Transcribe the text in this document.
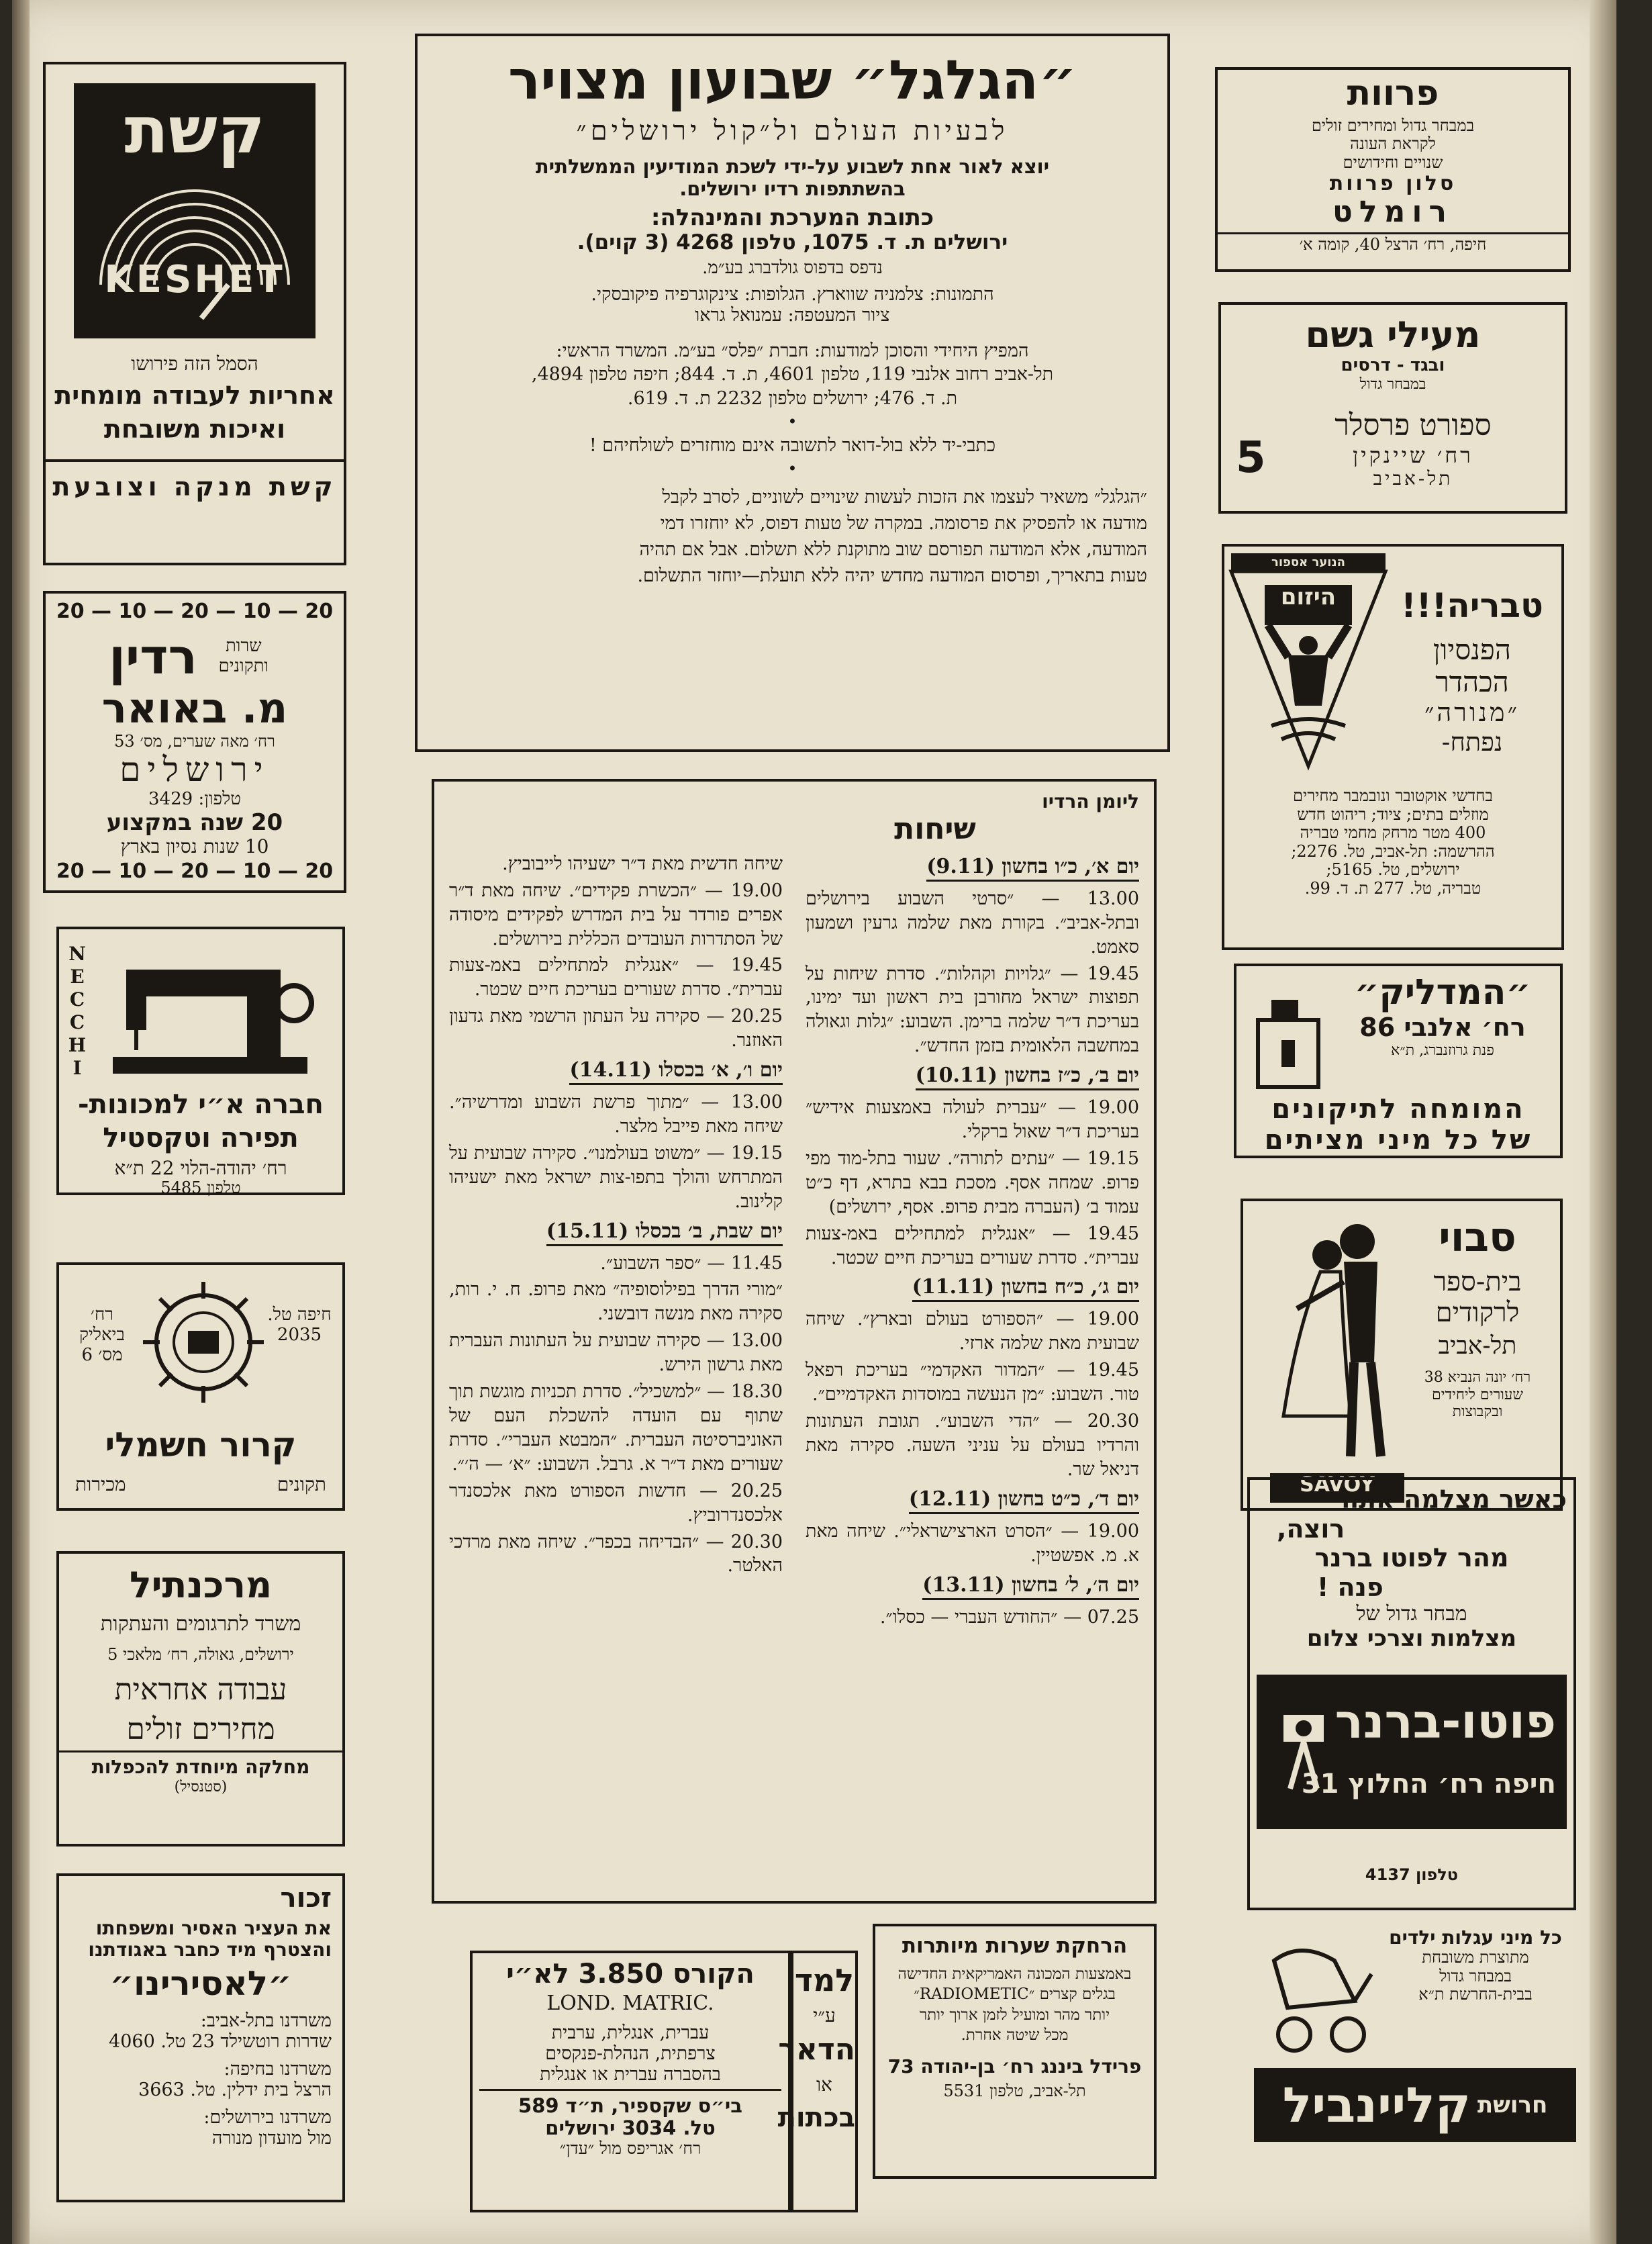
קשת
KESHET

הסמל הזה פירושו

אחריות לעבודה מומחית

ואיכות משובחת

קשת מנקה וצובעת

20 — 10 — 20 — 10 — 20

שרות ותקונים

רדין

מ. באואר

רח׳ מאה שערים, מס׳ 53

ירושלים

טלפון: 3429

20 שנה במקצוע

10 שנות נסיון בארץ

20 — 10 — 20 — 10 — 20

NECCHI

חברה א״י למכונות-

תפירה וטקסטיל

רח׳ יהודה-הלוי 22 ת״א

טלפון 5485

חיפה טל. 2035

רח׳ ביאליק מס׳ 6

קרור חשמלי

תקונים
מכירות

מרכנתיל

משרד לתרגומים והעתקות

ירושלים, גאולה, רח׳ מלאכי 5

עבודה אחראית

מחירים זולים

מחלקה מיוחדת להכפלות

(סטנסיל)

זכור

את העציר האסיר ומשפחתו

והצטרף מיד כחבר באגודתנו

״לאסירינו״

משרדנו בתל-אביב:

שדרות רוטשילד 23 טל. 4060

משרדנו בחיפה:

הרצל בית ידלין. טל. 3663

משרדנו בירושלים:

מול מועדון מנורה

״הגלגל״ שבועון מצויר

לבעיות העולם ול״קול ירושלים״

יוצא לאור אחת לשבוע על-ידי לשכת המודיעין הממשלתית

בהשתתפות רדיו ירושלים.

כתובת המערכת והמינהלה:

ירושלים ת. ד. 1075, טלפון 4268 (3 קוים).

נדפס בדפוס גולדברג בע״מ.

התמונות: צלמניה שווארץ. הגלופות: צינקוגרפיה פיקובסקי.

ציור המעטפה: עמנואל גראו

המפיץ היחידי והסוכן למודעות: חברת ״פלס״ בע״מ. המשרד הראשי:

תל-אביב רחוב אלנבי 119, טלפון 4601, ת. ד. 844; חיפה טלפון 4894,

ת. ד. 476; ירושלים טלפון 2232 ת. ד. 619.

•

כתבי-יד ללא בול-דואר לתשובה אינם מוחזרים לשולחיהם !

•

״הגלגל״ משאיר לעצמו את הזכות לעשות שינויים לשוניים, לסרב לקבל

מודעה או להפסיק את פרסומה. במקרה של טעות דפוס, לא יוחזרו דמי

המודעה, אלא המודעה תפורסם שוב מתוקנת ללא תשלום. אבל אם תהיה

טעות בתאריך, ופרסום המודעה מחדש יהיה ללא תועלת—יוחזר התשלום.

ליומן הרדיו

שיחות

יום א׳, כ״ו בחשון (9.11)

13.00 — ״סרטי השבוע בירושלים ובתל-אביב״. בקורת מאת שלמה גרעין ושמעון סאמט.

19.45 — ״גלויות וקהלות״. סדרת שיחות על תפוצות ישראל מחורבן בית ראשון ועד ימינו, בעריכת ד״ר שלמה ברימן. השבוע: ״גלות וגאולה במחשבה הלאומית בזמן החדש״.

יום ב׳, כ״ז בחשון (10.11)

19.00 — ״עברית לעולה באמצעות אידיש״ בעריכת ד״ר שאול ברקלי.

19.15 — ״עתים לתורה״. שעור בתל-מוד מפי פרופ. שמחה אסף. מסכת בבא בתרא, דף כ״ט עמוד ב׳ (העברה מבית פרופ. אסף, ירושלים)

19.45 — ״אנגלית למתחילים באמ-צעות עברית״. סדרת שעורים בעריכת חיים שכטר.

יום ג׳, כ״ח בחשון (11.11)

19.00 — ״הספורט בעולם ובארץ״. שיחה שבועית מאת שלמה ארזי.

19.45 — ״המדור האקדמי״ בעריכת רפאל טור. השבוע: ״מן הנעשה במוסדות האקדמיים״.

20.30 — ״הדי השבוע״. תגובת העתונות והרדיו בעולם על עניני השעה. סקירה מאת דניאל שר.

יום ד׳, כ״ט בחשון (12.11)

19.00 — ״הסרט הארצישראלי״. שיחה מאת א. מ. אפשטיין.

יום ה׳, ל׳ בחשון (13.11)

07.25 — ״החודש העברי — כסלו״.

שיחה חדשית מאת ד״ר ישעיהו לייבוביץ.

19.00 — ״הכשרת פקידים״. שיחה מאת ד״ר אפרים פורדר על בית המדרש לפקידים מיסודה של הסתדרות העובדים הכללית בירושלים.

19.45 — ״אנגלית למתחילים באמ-צעות עברית״. סדרת שעורים בעריכת חיים שכטר.

20.25 — סקירה על העתון הרשמי מאת גדעון האוזנר.

יום ו׳, א׳ בכסלו (14.11)

13.00 — ״מתוך פרשת השבוע ומדרשיה״. שיחה מאת פייבל מלצר.

19.15 — ״משוט בעולמנו״. סקירה שבועית על המתרחש והולך בתפו-צות ישראל מאת ישעיהו קלינוב.

יום שבת, ב׳ בכסלו (15.11)

11.45 — ״ספר השבוע״.

״מורי הדרך בפילוסופיה״ מאת פרופ. ח. י. רות, סקירה מאת מנשה דובשני.

13.00 — סקירה שבועית על העתונות העברית מאת גרשון הירש.

18.30 — ״למשכיל״. סדרת תכניות מוגשת תוך שתוף עם הועדה להשכלת העם של האוניברסיטה העברית. ״המבטא העברי״. סדרת שעורים מאת ד״ר א. גרבל. השבוע: ״א׳ — ה׳״.

20.25 — חדשות הספורט מאת אלכסנדר אלכסנדרוביץ.

20.30 — ״הבדיחה בכפר״. שיחה מאת מרדכי האלטר.

למד

ע״י

הדאר

או

בכתות

הקורס 3.850 לא״י

LOND. MATRIC.

עברית, אנגלית, ערבית

צרפתית, הנהלת-פנקסים

בהסברה עברית או אנגלית

בי״ס שקספיר, ת״ד 589

טל. 3034 ירושלים

רח׳ אגריפס מול ״עדן״

הרחקת שערות מיותרות

באמצעות המכונה האמריקאית החדישה

בגלים קצרים ״RADIOMETIC״

יותר מהר ומועיל לזמן ארוך יותר

מכל שיטה אחרת.

פרידל ביננג רח׳ בן-יהודה 73

תל-אביב, טלפון 5531

פרוות

במבחר גדול ומחירים זולים

לקראת העונה

שנויים וחידושים

סלון פרוות

רומלט

חיפה, רח׳ הרצל 40, קומה א׳

מעילי גשם

ובגד - דרסים

במבחר גדול

ספורט פרסלר

רח׳ שיינקין

תל-אביב

5
הנוער אספור
היזום
HAYOZEM	טבריה!!!

הפנסיון

הכהדר

״מנורה״

נפתח-

בחדשי אוקטובר ונובמבר מחירים

מוזלים בתים; ציוד; ריהוט חדש

400 מטר מרחק מחמי טבריה

ההרשמה: תל-אביב, טל. 2276;

ירושלים, טל. 5165;

טבריה, טל. 277 ת. ד. 99.

״המדליק״

רח׳ אלנבי 86

פנת גרוזנברג, ת״א

המומחה לתיקונים

של כל מיני מציתים

SAVOY

סבוי

בית-ספר

לרקודים

תל-אביב

רח׳ יונה הנביא 38

שעורים ליחידים

ובקבוצות

כאשר מצלמה אתה

רוצה,

מהר לפוטו ברנר

פנה !

מבחר גדול של

מצלמות וצרכי צלום

פוטו-ברנר

חיפה רח׳ החלוץ 31

טלפון 4137

כל מיני עגלות ילדים

מתוצרת משובחת

במבחר גדול

בבית-החרשת ת״א

חרושת
קליינביל
